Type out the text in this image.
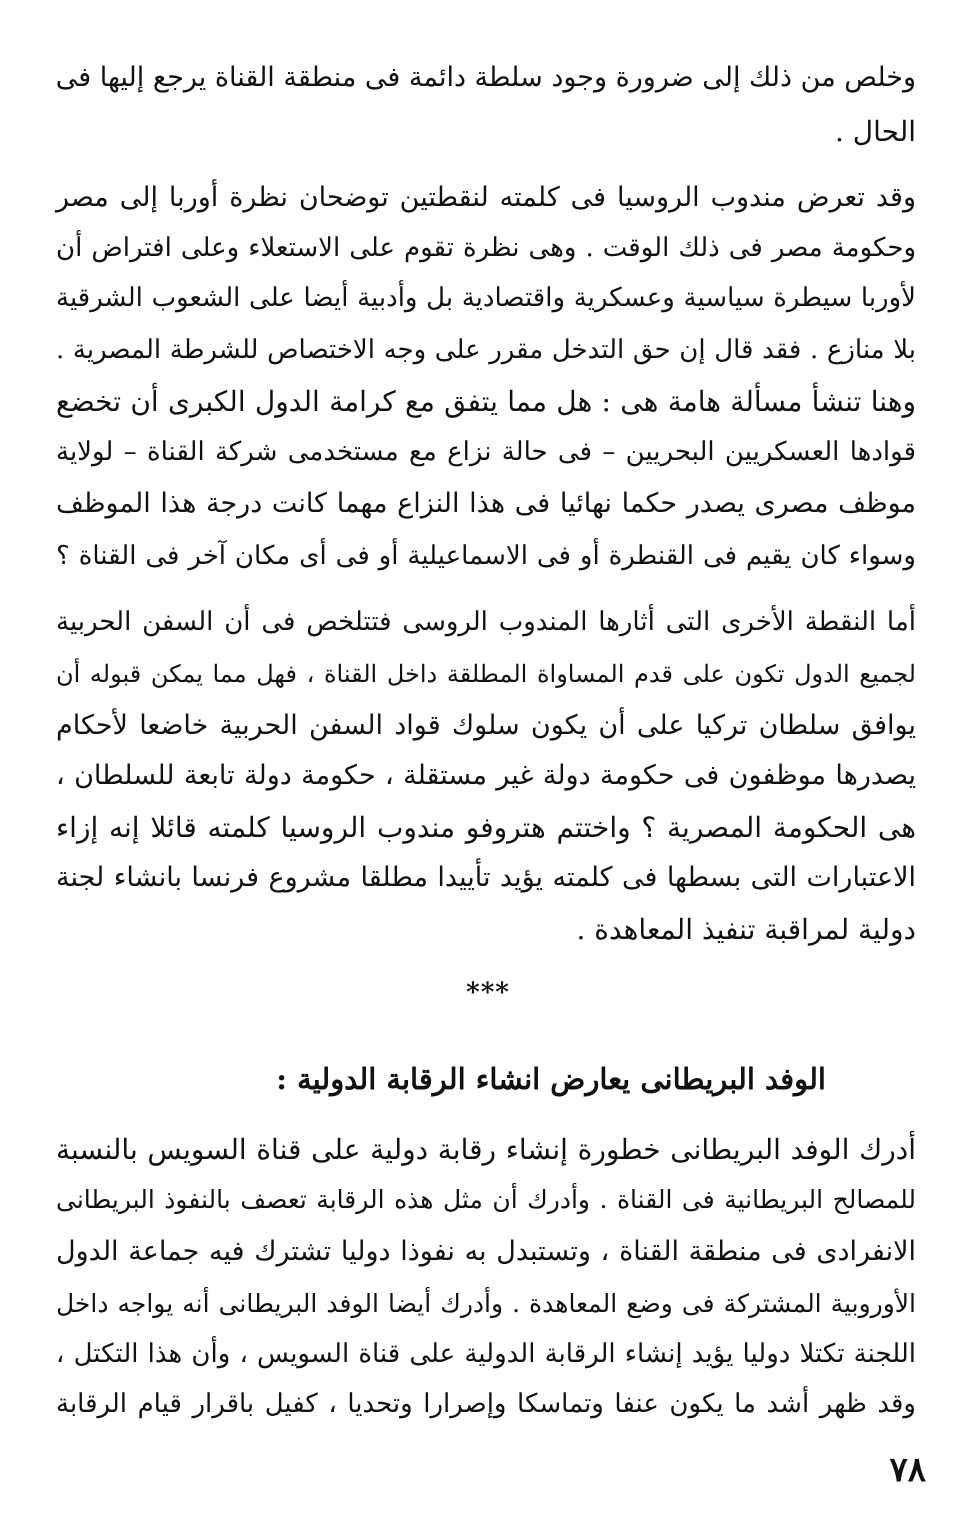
وخلص من ذلك إلى ضرورة وجود سلطة دائمة فى منطقة القناة يرجع إليها فى
الحال .
وقد تعرض مندوب الروسيا فى كلمته لنقطتين توضحان نظرة أوربا إلى مصر
وحكومة مصر فى ذلك الوقت . وهى نظرة تقوم على الاستعلاء وعلى افتراض أن
لأوربا سيطرة سياسية وعسكرية واقتصادية بل وأدبية أيضا على الشعوب الشرقية
بلا منازع . فقد قال إن حق التدخل مقرر على وجه الاختصاص للشرطة المصرية .
وهنا تنشأ مسألة هامة هى : هل مما يتفق مع كرامة الدول الكبرى أن تخضع
قوادها العسكريين البحريين – فى حالة نزاع مع مستخدمى شركة القناة – لولاية
موظف مصرى يصدر حكما نهائيا فى هذا النزاع مهما كانت درجة هذا الموظف
وسواء كان يقيم فى القنطرة أو فى الاسماعيلية أو فى أى مكان آخر فى القناة ؟
أما النقطة الأخرى التى أثارها المندوب الروسى فتتلخص فى أن السفن الحربية
لجميع الدول تكون على قدم المساواة المطلقة داخل القناة ، فهل مما يمكن قبوله أن
يوافق سلطان تركيا على أن يكون سلوك قواد السفن الحربية خاضعا لأحكام
يصدرها موظفون فى حكومة دولة غير مستقلة ، حكومة دولة تابعة للسلطان ،
هى الحكومة المصرية ؟ واختتم هتروفو مندوب الروسيا كلمته قائلا إنه إزاء
الاعتبارات التى بسطها فى كلمته يؤيد تأييدا مطلقا مشروع فرنسا بانشاء لجنة
دولية لمراقبة تنفيذ المعاهدة .
***
الوفد البريطانى يعارض انشاء الرقابة الدولية :
أدرك الوفد البريطانى خطورة إنشاء رقابة دولية على قناة السويس بالنسبة
للمصالح البريطانية فى القناة . وأدرك أن مثل هذه الرقابة تعصف بالنفوذ البريطانى
الانفرادى فى منطقة القناة ، وتستبدل به نفوذا دوليا تشترك فيه جماعة الدول
الأوروبية المشتركة فى وضع المعاهدة . وأدرك أيضا الوفد البريطانى أنه يواجه داخل
اللجنة تكتلا دوليا يؤيد إنشاء الرقابة الدولية على قناة السويس ، وأن هذا التكتل ،
وقد ظهر أشد ما يكون عنفا وتماسكا وإصرارا وتحديا ، كفيل باقرار قيام الرقابة
٧٨
